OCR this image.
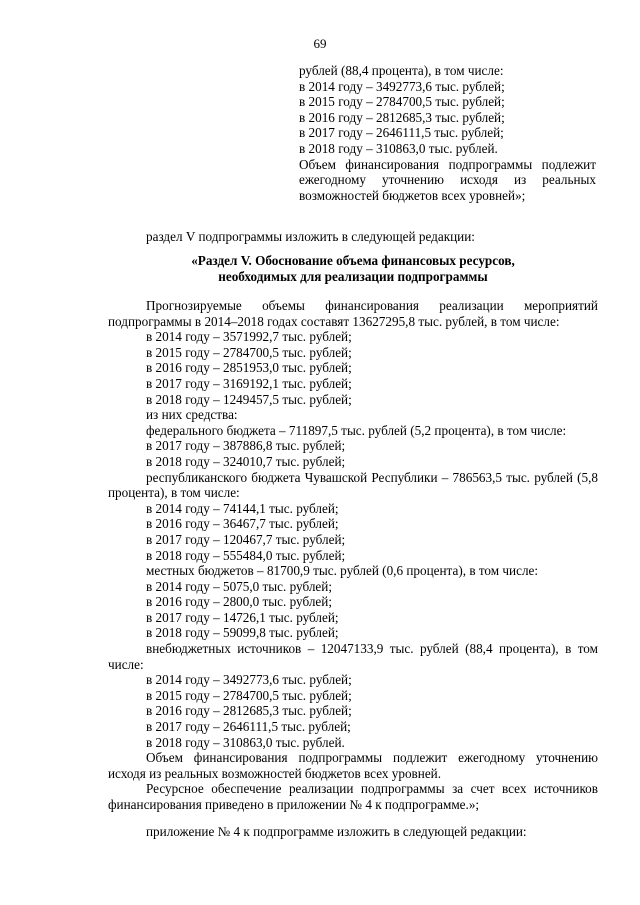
69
рублей (88,4 процента), в том числе:
в 2014 году – 3492773,6 тыс. рублей;
в 2015 году – 2784700,5 тыс. рублей;
в 2016 году – 2812685,3 тыс. рублей;
в 2017 году – 2646111,5 тыс. рублей;
в 2018 году – 310863,0 тыс. рублей.
Объем финансирования подпрограммы подлежит ежегодному уточнению исходя из реальных возможностей бюджетов всех уровней»;
раздел V подпрограммы изложить в следующей редакции:
«Раздел V. Обоснование объема финансовых ресурсов,
необходимых для реализации подпрограммы

Прогнозируемые объемы финансирования реализации мероприятий подпрограммы в 2014–2018 годах составят 13627295,8 тыс. рублей, в том числе:

в 2014 году – 3571992,7 тыс. рублей;
в 2015 году – 2784700,5 тыс. рублей;
в 2016 году – 2851953,0 тыс. рублей;
в 2017 году – 3169192,1 тыс. рублей;
в 2018 году – 1249457,5 тыс. рублей;
из них средства:
федерального бюджета – 711897,5 тыс. рублей (5,2 процента), в том числе:
в 2017 году – 387886,8 тыс. рублей;
в 2018 году – 324010,7 тыс. рублей;

республиканского бюджета Чувашской Республики – 786563,5 тыс. рублей (5,8 процента), в том числе:

в 2014 году – 74144,1 тыс. рублей;
в 2016 году – 36467,7 тыс. рублей;
в 2017 году – 120467,7 тыс. рублей;
в 2018 году – 555484,0 тыс. рублей;
местных бюджетов – 81700,9 тыс. рублей (0,6 процента), в том числе:
в 2014 году – 5075,0 тыс. рублей;
в 2016 году – 2800,0 тыс. рублей;
в 2017 году – 14726,1 тыс. рублей;
в 2018 году – 59099,8 тыс. рублей;

внебюджетных источников – 12047133,9 тыс. рублей (88,4 процента), в том числе:

в 2014 году – 3492773,6 тыс. рублей;
в 2015 году – 2784700,5 тыс. рублей;
в 2016 году – 2812685,3 тыс. рублей;
в 2017 году – 2646111,5 тыс. рублей;
в 2018 году – 310863,0 тыс. рублей.

Объем финансирования подпрограммы подлежит ежегодному уточнению исходя из реальных возможностей бюджетов всех уровней.

Ресурсное обеспечение реализации подпрограммы за счет всех источников финансирования приведено в приложении № 4 к подпрограмме.»;

приложение № 4 к подпрограмме изложить в следующей редакции:
